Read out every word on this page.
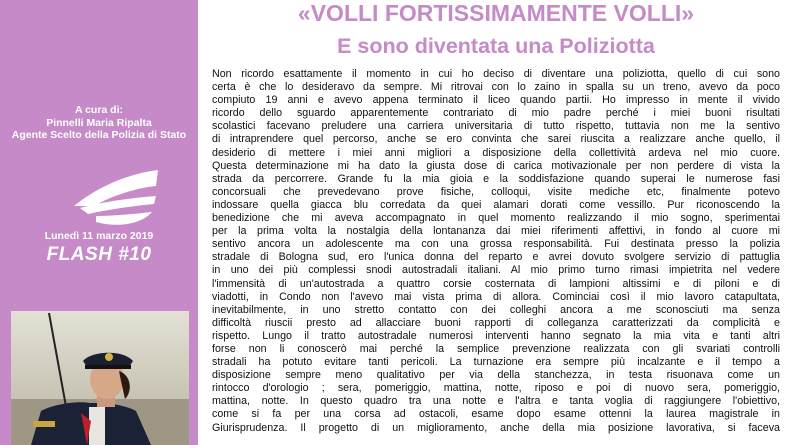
A cura di:
Pinnelli Maria Ripalta
Agente Scelto della Polizia di Stato
Lunedì 11 marzo 2019
FLASH #10
«VOLLI FORTISSIMAMENTE VOLLI»
E sono diventata una Poliziotta
Non ricordo esattamente il momento in cui ho deciso di diventare una poliziotta, quello di cui sono
certa è che lo desideravo da sempre. Mi ritrovai con lo zaino in spalla su un treno, avevo da poco
compiuto 19 anni e avevo appena terminato il liceo quando partii. Ho impresso in mente il vivido
ricordo dello sguardo apparentemente contrariato di mio padre perché i miei buoni risultati
scolastici facevano preludere una carriera universitaria di tutto rispetto, tuttavia non me la sentivo
di intraprendere quel percorso, anche se ero convinta che sarei riuscita a realizzare anche quello, il
desiderio di mettere i miei anni migliori a disposizione della collettività ardeva nel mio cuore.
Questa determinazione mi ha dato la giusta dose di carica motivazionale per non perdere di vista la
strada da percorrere. Grande fu la mia gioia e la soddisfazione quando superai le numerose fasi
concorsuali che prevedevano prove fisiche, colloqui, visite mediche etc, finalmente potevo
indossare quella giacca blu corredata da quei alamari dorati come vessillo. Pur riconoscendo la
benedizione che mi aveva accompagnato in quel momento realizzando il mio sogno, sperimentai
per la prima volta la nostalgia della lontananza dai miei riferimenti affettivi, in fondo al cuore mi
sentivo ancora un adolescente ma con una grossa responsabilità. Fui destinata presso la polizia
stradale di Bologna sud, ero l'unica donna del reparto e avrei dovuto svolgere servizio di pattuglia
in uno dei più complessi snodi autostradali italiani. Al mio primo turno rimasi impietrita nel vedere
l'immensità di un'autostrada a quattro corsie costernata di lampioni altissimi e di piloni e di
viadotti, in Condo non l'avevo mai vista prima di allora. Cominciai così il mio lavoro catapultata,
inevitabilmente, in uno stretto contatto con dei colleghi ancora a me sconosciuti ma senza
difficoltà riuscii presto ad allacciare buoni rapporti di colleganza caratterizzati da complicità e
rispetto. Lungo il tratto autostradale numerosi interventi hanno segnato la mia vita e tanti altri
forse non li conoscerò mai perché la semplice prevenzione realizzata con gli svariati controlli
stradali ha potuto evitare tanti pericoli. La turnazione era sempre più incalzante e il tempo a
disposizione sempre meno qualitativo per via della stanchezza, in testa risuonava come un
rintocco d'orologio ; sera, pomeriggio, mattina, notte, riposo e poi di nuovo sera, pomeriggio,
mattina, notte. In questo quadro tra una notte e l'altra e tanta voglia di raggiungere l'obiettivo,
come si fa per una corsa ad ostacoli, esame dopo esame ottenni la laurea magistrale in
Giurisprudenza. Il progetto di un miglioramento, anche della mia posizione lavorativa, si faceva
